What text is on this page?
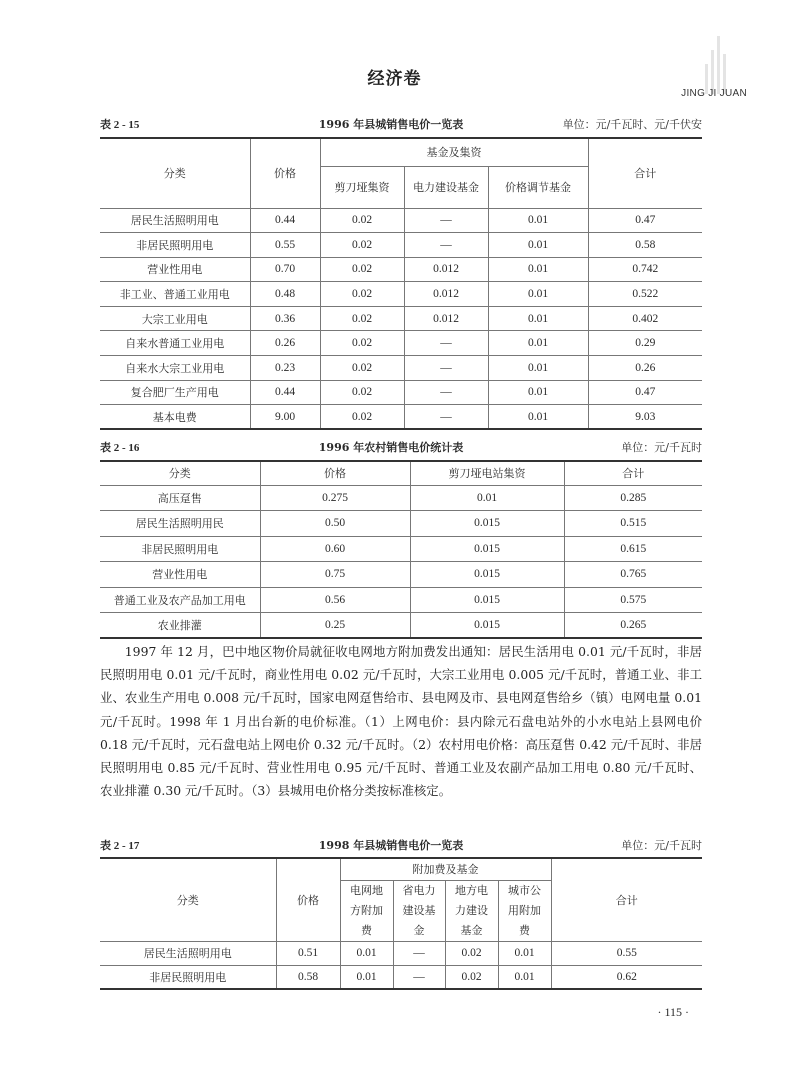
经济卷
JING JI JUAN
表 2 - 15	1996 年县城销售电价一览表	单位：元/千瓦时、元/千伏安
分类	价格	基金及集资			合计
		剪刀垭集资	电力建设基金	价格调节基金	
居民生活照明用电	0.44	0.02	—	0.01	0.47
非居民照明用电	0.55	0.02	—	0.01	0.58
营业性用电	0.70	0.02	0.012	0.01	0.742
非工业、普通工业用电	0.48	0.02	0.012	0.01	0.522
大宗工业用电	0.36	0.02	0.012	0.01	0.402
自来水普通工业用电	0.26	0.02	—	0.01	0.29
自来水大宗工业用电	0.23	0.02	—	0.01	0.26
复合肥厂生产用电	0.44	0.02	—	0.01	0.47
基本电费	9.00	0.02	—	0.01	9.03
表 2 - 16	1996 年农村销售电价统计表	单位：元/千瓦时
分类	价格	剪刀垭电站集资	合计
高压趸售	0.275	0.01	0.285
居民生活照明用民	0.50	0.015	0.515
非居民照明用电	0.60	0.015	0.615
营业性用电	0.75	0.015	0.765
普通工业及农产品加工用电	0.56	0.015	0.575
农业排灌	0.25	0.015	0.265

1997 年 12 月，巴中地区物价局就征收电网地方附加费发出通知：居民生活用电 0.01 元/千瓦时，非居民照明用电 0.01 元/千瓦时，商业性用电 0.02 元/千瓦时，大宗工业用电 0.005 元/千瓦时，普通工业、非工业、农业生产用电 0.008 元/千瓦时，国家电网趸售给市、县电网及市、县电网趸售给乡（镇）电网电量 0.01 元/千瓦时。1998 年 1 月出台新的电价标准。（1）上网电价：县内除元石盘电站外的小水电站上县网电价 0.18 元/千瓦时，元石盘电站上网电价 0.32 元/千瓦时。（2）农村用电价格：高压趸售 0.42 元/千瓦时、非居民照明用电 0.85 元/千瓦时、营业性用电 0.95 元/千瓦时、普通工业及农副产品加工用电 0.80 元/千瓦时、农业排灌 0.30 元/千瓦时。（3）县城用电价格分类按标准核定。

表 2 - 17	1998 年县城销售电价一览表	单位：元/千瓦时
分类	价格	附加费及基金				合计
		电网地方附加费	省电力建设基金	地方电力建设基金	城市公用附加费	
居民生活照明用电	0.51	0.01	—	0.02	0.01	0.55
非居民照明用电	0.58	0.01	—	0.02	0.01	0.62
· 115 ·
